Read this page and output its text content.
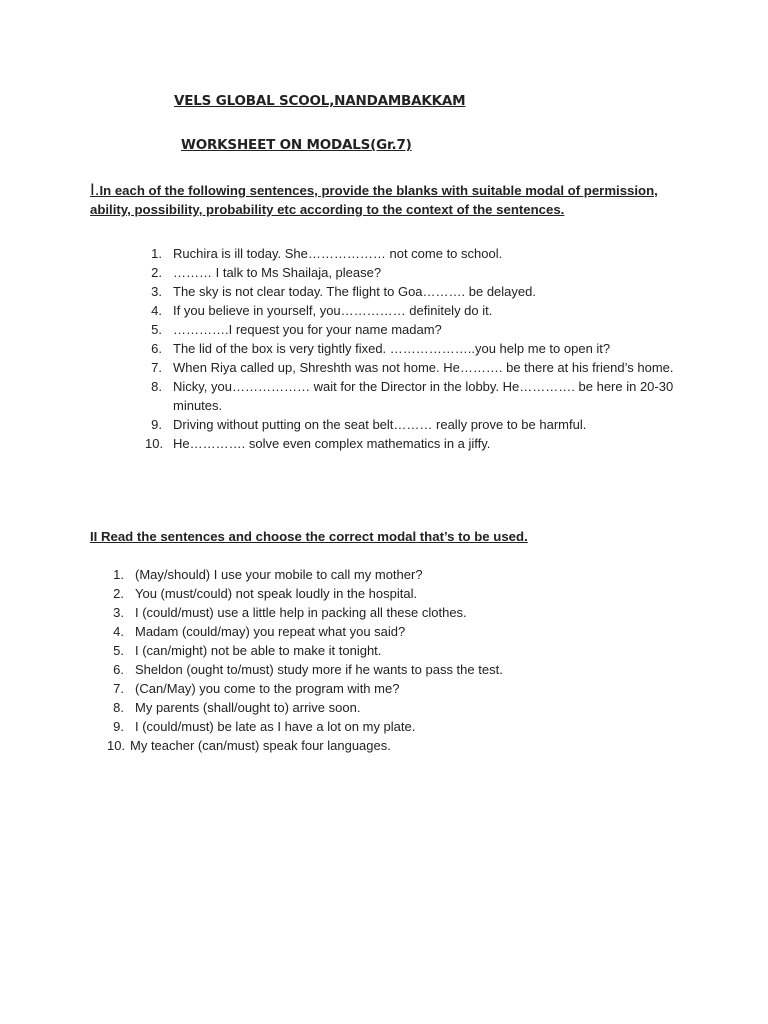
VELS GLOBAL SCOOL,NANDAMBAKKAM
WORKSHEET ON MODALS(Gr.7)

I.In each of the following sentences, provide the blanks with suitable modal of permission, ability, possibility, probability etc according to the context of the sentences.

1. Ruchira is ill today. She……………… not come to school.
2. ……… I talk to Ms Shailaja, please?
3. The sky is not clear today. The flight to Goa………. be delayed.
4. If you believe in yourself, you…………… definitely do it.
5. ………….I request you for your name madam?
6. The lid of the box is very tightly fixed. ………………..you help me to open it?
7. When Riya called up, Shreshth was not home. He………. be there at his friend’s home.
8. Nicky, you……………… wait for the Director in the lobby. He…………. be here in 20-30 minutes.
9. Driving without putting on the seat belt……… really prove to be harmful.
10. He…………. solve even complex mathematics in a jiffy.

II Read the sentences and choose the correct modal that’s to be used.

1. (May/should) I use your mobile to call my mother?
2. You (must/could) not speak loudly in the hospital.
3. I (could/must) use a little help in packing all these clothes.
4. Madam (could/may) you repeat what you said?
5. I (can/might) not be able to make it tonight.
6. Sheldon (ought to/must) study more if he wants to pass the test.
7. (Can/May) you come to the program with me?
8. My parents (shall/ought to) arrive soon.
9. I (could/must) be late as I have a lot on my plate.
10. My teacher (can/must) speak four languages.
